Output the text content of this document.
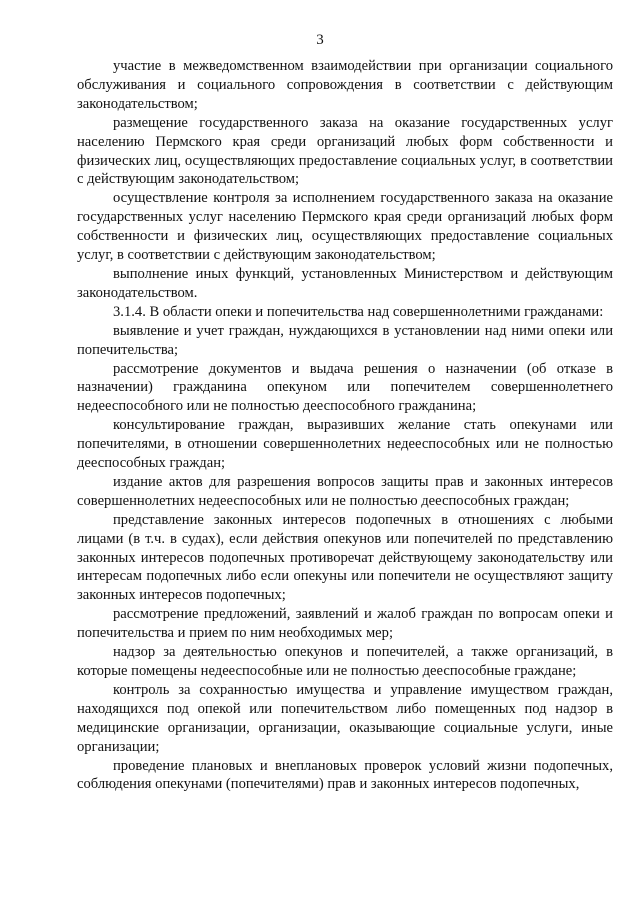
3

участие в межведомственном взаимодействии при организации социального обслуживания и социального сопровождения в соответствии с действующим законодательством;

размещение государственного заказа на оказание государственных услуг населению Пермского края среди организаций любых форм собственности и физических лиц, осуществляющих предоставление социальных услуг, в соответствии с действующим законодательством;

осуществление контроля за исполнением государственного заказа на оказание государственных услуг населению Пермского края среди организаций любых форм собственности и физических лиц, осуществляющих предоставление социальных услуг, в соответствии с действующим законодательством;

выполнение иных функций, установленных Министерством и действующим законодательством.

3.1.4. В области опеки и попечительства над совершеннолетними гражданами:

выявление и учет граждан, нуждающихся в установлении над ними опеки или попечительства;

рассмотрение документов и выдача решения о назначении (об отказе в назначении) гражданина опекуном или попечителем совершеннолетнего недееспособного или не полностью дееспособного гражданина;

консультирование граждан, выразивших желание стать опекунами или попечителями, в отношении совершеннолетних недееспособных или не полностью дееспособных граждан;

издание актов для разрешения вопросов защиты прав и законных интересов совершеннолетних недееспособных или не полностью дееспособных граждан;

представление законных интересов подопечных в отношениях с любыми лицами (в т.ч. в судах), если действия опекунов или попечителей по представлению законных интересов подопечных противоречат действующему законодательству или интересам подопечных либо если опекуны или попечители не осуществляют защиту законных интересов подопечных;

рассмотрение предложений, заявлений и жалоб граждан по вопросам опеки и попечительства и прием по ним необходимых мер;

надзор за деятельностью опекунов и попечителей, а также организаций, в которые помещены недееспособные или не полностью дееспособные граждане;

контроль за сохранностью имущества и управление имуществом граждан, находящихся под опекой или попечительством либо помещенных под надзор в медицинские организации, организации, оказывающие социальные услуги, иные организации;

проведение плановых и внеплановых проверок условий жизни подопечных, соблюдения опекунами (попечителями) прав и законных интересов подопечных,
